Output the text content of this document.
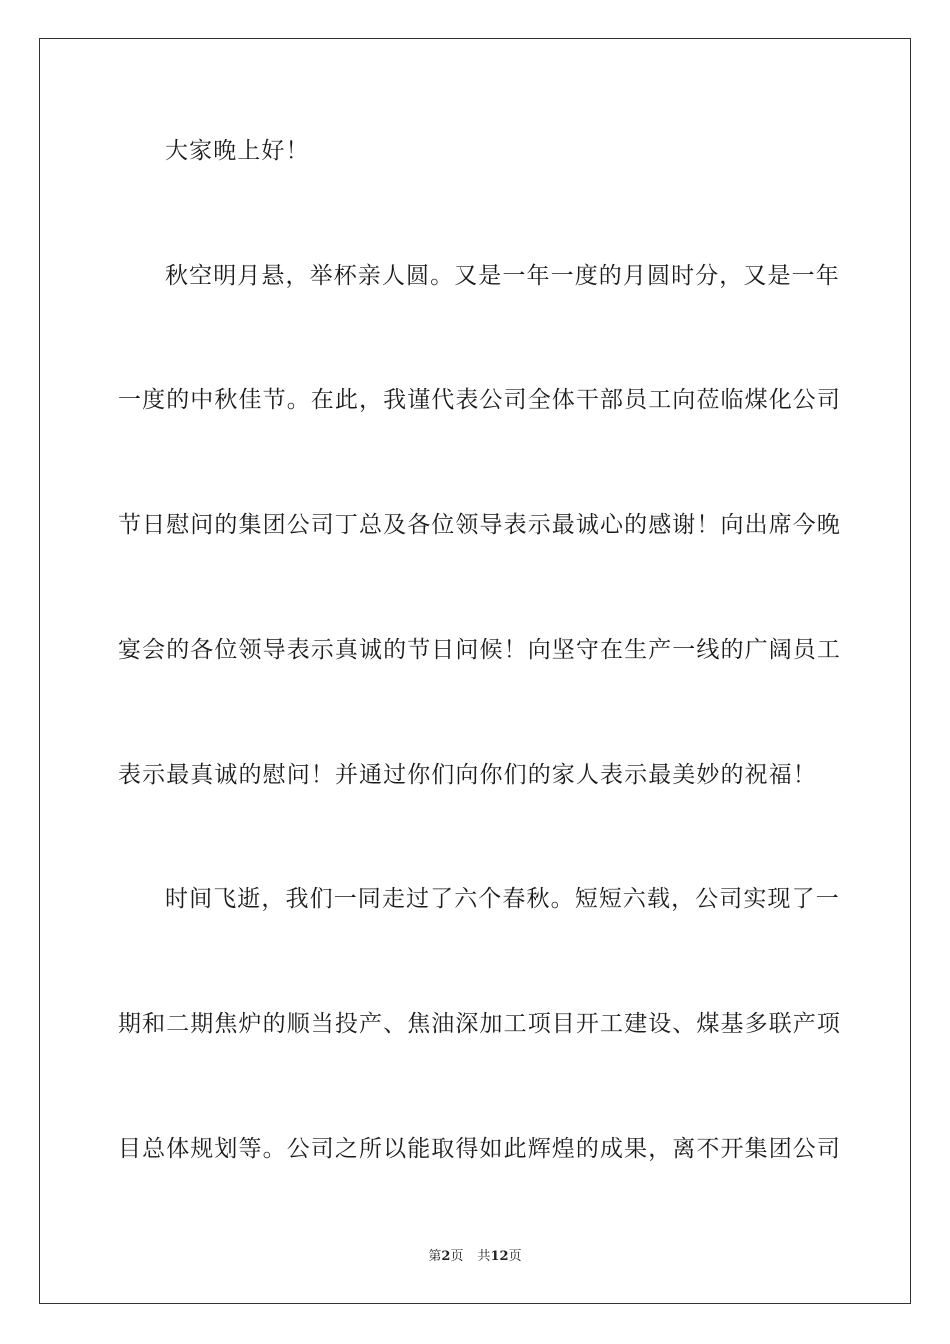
大家晚上好！
秋空明月悬，举杯亲人圆。又是一年一度的月圆时分，又是一年
一度的中秋佳节。在此，我谨代表公司全体干部员工向莅临煤化公司
节日慰问的集团公司丁总及各位领导表示最诚心的感谢！向出席今晚
宴会的各位领导表示真诚的节日问候！向坚守在生产一线的广阔员工
表示最真诚的慰问！并通过你们向你们的家人表示最美妙的祝福！
时间飞逝，我们一同走过了六个春秋。短短六载，公司实现了一
期和二期焦炉的顺当投产、焦油深加工项目开工建设、煤基多联产项
目总体规划等。公司之所以能取得如此辉煌的成果，离不开集团公司
第2页 共12页
